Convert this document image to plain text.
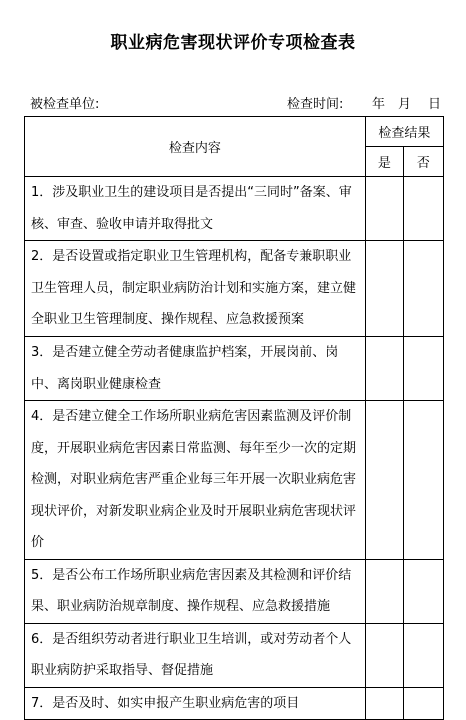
职业病危害现状评价专项检查表
被检查单位:	检查时间: 年 月 日
检查内容	检查结果	
	是	否
1．涉及职业卫生的建设项目是否提出“三同时”备案、审核、审查、验收申请并取得批文		
2．是否设置或指定职业卫生管理机构，配备专兼职职业卫生管理人员，制定职业病防治计划和实施方案，建立健全职业卫生管理制度、操作规程、应急救援预案		
3．是否建立健全劳动者健康监护档案，开展岗前、岗中、离岗职业健康检查		
4．是否建立健全工作场所职业病危害因素监测及评价制度，开展职业病危害因素日常监测、每年至少一次的定期检测，对职业病危害严重企业每三年开展一次职业病危害现状评价，对新发职业病企业及时开展职业病危害现状评价		
5．是否公布工作场所职业病危害因素及其检测和评价结果、职业病防治规章制度、操作规程、应急救援措施		
6．是否组织劳动者进行职业卫生培训，或对劳动者个人职业病防护采取指导、督促措施		
7．是否及时、如实申报产生职业病危害的项目		
